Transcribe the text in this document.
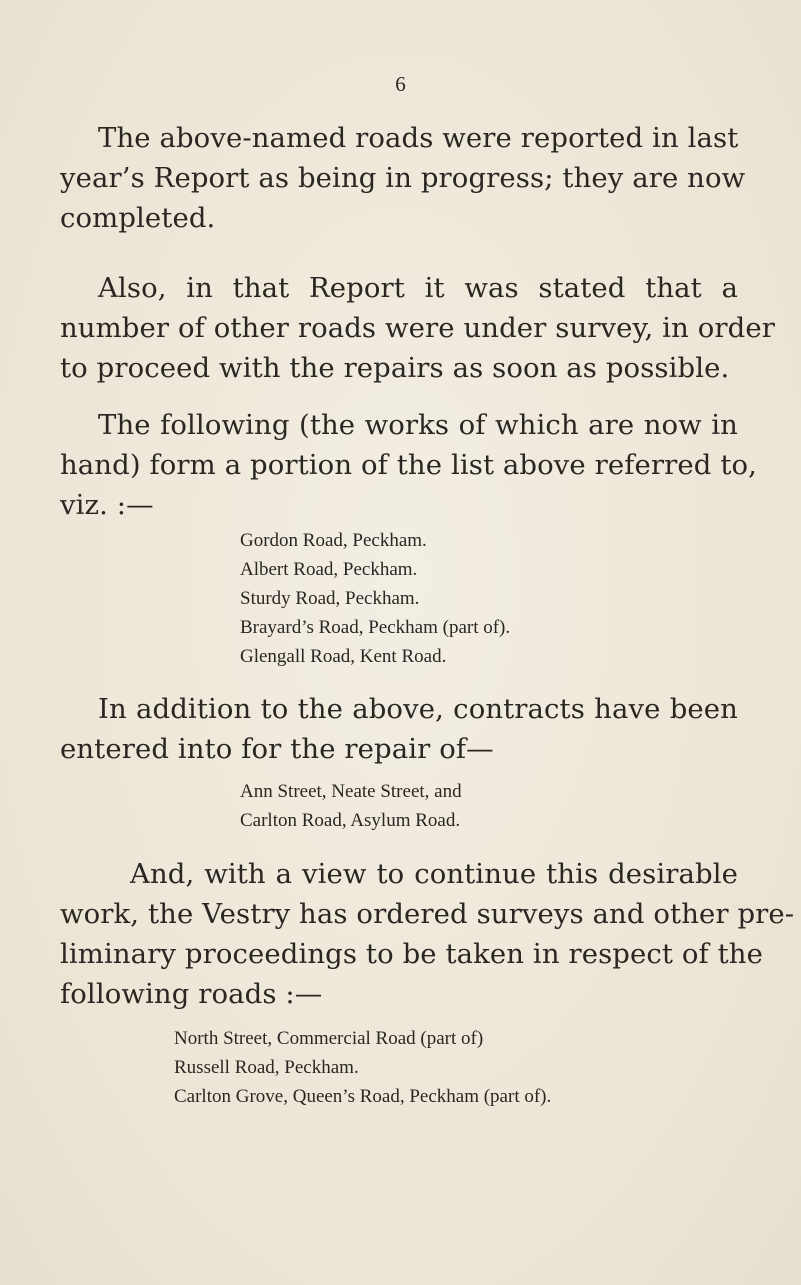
6
The above-named roads were reported in last
year’s Report as being in progress; they are now
completed.
Also, in that Report it was stated that a
number of other roads were under survey, in order
to proceed with the repairs as soon as possible.
The following (the works of which are now in
hand) form a portion of the list above referred to,
viz. :—
Gordon Road, Peckham.
Albert Road, Peckham.
Sturdy Road, Peckham.
Brayard’s Road, Peckham (part of).
Glengall Road, Kent Road.
In addition to the above, contracts have been
entered into for the repair of—
Ann Street, Neate Street, and
Carlton Road, Asylum Road.
And, with a view to continue this desirable
work, the Vestry has ordered surveys and other pre-
liminary proceedings to be taken in respect of the
following roads :—
North Street, Commercial Road (part of)
Russell Road, Peckham.
Carlton Grove, Queen’s Road, Peckham (part of).
